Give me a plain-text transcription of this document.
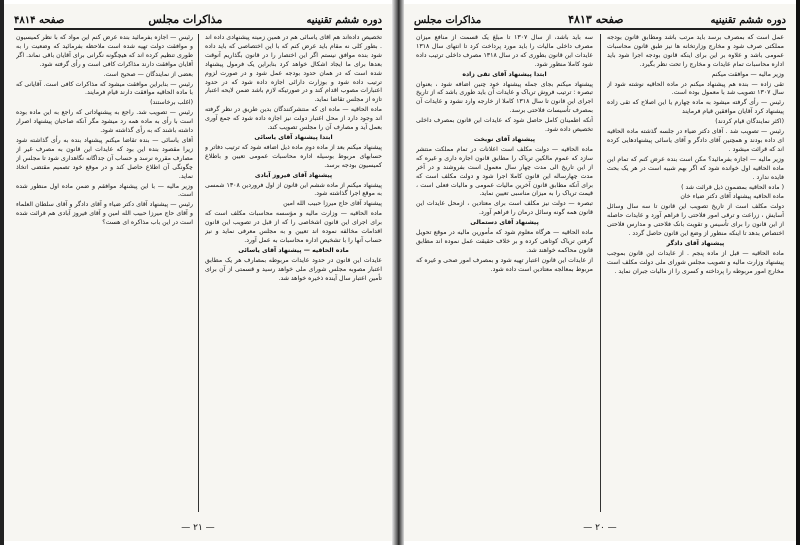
صفحه ۴۸۱۴	مذاکرات مجلس	دوره ششم تقنینیه

تخصیص داده‌اند هم آقای یاسائی هم در همین زمینه پیشنهادی داده اند . بطور کلی نه مقام باید عرض کنم که با این اختصاصی که باید داده شود بنده موافق نیستم اگر این اختصار را در قانون بگذاریم آنوقت بعدها برای ما ایجاد اشکال خواهد کرد بنابراین یک فرمول پیشنهاد شده است که در همان حدود بودجه عمل شود و در صورت لزوم ترتیب داده شود و بوزارت دارائی اجازه داده شود که در حدود اعتبارات مصوب اقدام کند و در صورتیکه لازم باشد ضمن لایحه اعتبار تازه از مجلس تقاضا نماید.

ماده الحاقیه — ماده ای که منتشرکنندگان بدین طریق در نظر گرفته اند وجود دارد از محل اعتبار دولت نیز اجازه داده شود که جمع آوری بعمل آید و مصارف آن را مجلس تصویب کند.

ابتدا پیشنهاد آقای یاسائی

پیشنهاد میکنم بعد از ماده دوم ماده ذیل اضافه شود که ترتیب دفاتر و حسابهای مربوط بوسیله اداره محاسبات عمومی تعیین و باطلاع کمیسیون بودجه برسد.

پیشنهاد آقای فیروز آبادی

پیشنهاد میکنم از ماده ششم این قانون از اول فروردین ۱۳۰۸ شمسی به موقع اجرا گذاشته شود.

پیشنهاد آقای حاج میرزا حبیب الله امین

ماده الحاقیه — وزارت مالیه و مؤسسه محاسبات مکلف است که برای اجرای این قانون اشخاصی را که از قبل در تصویب این قانون اقدامات مخالفه نموده اند تعیین و به مجلس معرفی نماید و نیز حساب آنها را با تشخیص اداره محاسبات به عمل آورد.

ماده الحاقیه — پیشنهاد آقای یاسائی

عایدات این قانون در حدود عایدات مربوطه بمصارف هر یک مطابق اعتبار مصوبه مجلس شورای ملی خواهد رسید و قسمتی از آن برای تأمین اعتبار سال آینده ذخیره خواهد شد.

رئیس — اجازه بفرمائید بنده عرض کنم این مواد که با نظر کمیسیون و موافقت دولت تهیه شده است ملاحظه بفرمائید که وضعیت را به طوری تنظیم کرده اند که هیچگونه نگرانی برای آقایان باقی نماند. اگر آقایان موافقت دارند مذاکرات کافی است و رأی گرفته شود.

بعضی از نمایندگان — صحیح است.

رئیس — بنابراین موافقت میشود که مذاکرات کافی است. آقایانی که با ماده الحاقیه موافقت دارند قیام فرمایند.

(اغلب برخاستند)

رئیس — تصویب شد. راجع به پیشنهاداتی که راجع به این ماده بوده است با رأی به ماده همه رد میشود مگر آنکه صاحبان پیشنهاد اصرار داشته باشند که به رأی گذاشته شود.

آقای یاسائی — بنده تقاضا میکنم پیشنهاد بنده به رأی گذاشته شود زیرا مقصود بنده این بود که عایدات این قانون به مصرف غیر از مصارف مقرره نرسد و حساب آن جداگانه نگاهداری شود تا مجلس از چگونگی آن اطلاع حاصل کند و در موقع خود تصمیم مقتضی اتخاذ نماید.

وزیر مالیه — با این پیشنهاد موافقم و ضمن ماده اول منظور شده است.

رئیس — پیشنهاد آقای دکتر ضیاء و آقای دادگر و آقای سلطان العلماء و آقای حاج میرزا حبیب الله امین و آقای فیروز آبادی هم قرائت شده است در این باب مذاکره ای هست؟

— ۲۱ —
مذاکرات مجلس	صفحه ۴۸۱۳	دوره ششم تقنینیه

عمل است که بمصرف برسد باید مرتب باشد ومطابق قانون بودجه مملکتی صرف شود و مخارج وزارتخانه ها نیز طبق قانون محاسبات عمومی باشد و علاوه بر این برای اینکه قانون بودجه اجرا شود باید اداره محاسبات تمام عایدات و مخارج را تحت نظر بگیرد.

وزیر مالیه — موافقت میکنم

تقی زاده — بنده هم پیشنهاد میکنم در ماده الحاقیه نوشته شود از سال ۱۳۰۷ تصویب شد با معمول بوده است.

رئیس — رأی گرفته میشود به ماده چهارم یا این اصلاح که تقی زاده پیشنهاد کرد آقایان موافقین قیام فرمایند

(اکثر نمایندگان قیام کردند)

رئیس — تصویب شد . آقای دکتر ضیاء در جلسه گذشته ماده الحاقیه ای داده بودند و همچنین آقای دادگر و آقای یاسائی پیشنهادهایی کرده اند که قرائت میشود .

وزیر مالیه — اجازه بفرمائید؟ مکن است بنده عرض کنم که تمام این ماده الحاقیه اول خوانده شود که اگر بهم شبیه است در هر یک بحث فایده ندارد .

( ماده الحاقیه بمضمون ذیل قرائت شد )

ماده الحاقیه پیشنهاد آقای دکتر ضیاء خان

دولت مکلف است از تاریخ تصویب این قانون تا سه سال وسائل آسایش ، زراعت و ترقی امور فلاحتی را فراهم آورد و عایدات حاصله از این قانون را برای تأسیس و تقویت بانک فلاحتی و مدارس فلاحتی اختصاص بدهد تا اینکه منظور از وضع این قانون حاصل گردد .

پیشنهاد آقای دادگر

ماده الحاقیه — قبل از ماده پنجم . از عایدات این قانون بموجب پیشنهاد وزارت مالیه و تصویب مجلس شورای ملی دولت مکلف است مخارج امور مربوطه را پرداخته و کسری را از مالیات جبران نماید .

سه باید باشد، از سال ۱۳۰۷ تا مبلغ یک قسمت از منافع میزان مصرف داخلی مالیات را باید مورد پرداخت کرد تا انتهای سال ۱۳۱۸ عایدات این قانون بطوری که در سال ۱۳۱۸ مصرف داخلی ترتیب داده شود کاملا منظور شود.

ابتدا پیشنهاد آقای تقی زاده

پیشنهاد میکنم بجای جمله پیشنهاد خود چنین اضافه شود ، بعنوان تبصره : ترتیب فروش تریاک و عایدات آن باید طوری باشد که از تاریخ اجرای این قانون تا سال ۱۳۱۸ کاملا از خارجه وارد نشود و عایدات آن بمصرف تأسیسات فلاحتی برسد.

آنکه اطمینان کامل حاصل شود که عایدات این قانون بمصرف داخلی تخصیص داده شود.

پیشنهاد آقای نوبخت

ماده الحاقیه — دولت مکلف است اعلانات در تمام مملکت منتشر سازد که عموم مالکین تریاک را مطابق قانون اجاره داری و غیره که از این تاریخ الی مدت چهار سال معمول است بفروشند و در آخر مدت چهارساله این قانون کاملا اجرا شود و دولت مکلف است که برای آنکه مطابق قانون آخرین مالیات عمومی و مالیات فعلی است ، قیمت تریاک را به میزان مناسبی تعیین نماید.

تبصره — دولت نیز مکلف است برای معتادین ، ازمحل عایدات این قانون همه گونه وسائل درمان را فراهم آورد.

پیشنهاد آقای دستمالی

ماده الحاقیه — هرگاه معلوم شود که مأمورین مالیه در موقع تحویل گرفتن تریاک کوتاهی کرده و بر خلاف حقیقت عمل نموده اند مطابق قانون محاکمه خواهند شد.

از عایدات این قانون اعتبار تهیه شود و بمصرف امور صحی و غیره که مربوط بمعالجه معتادین است داده شود.

— ۲۰ —
